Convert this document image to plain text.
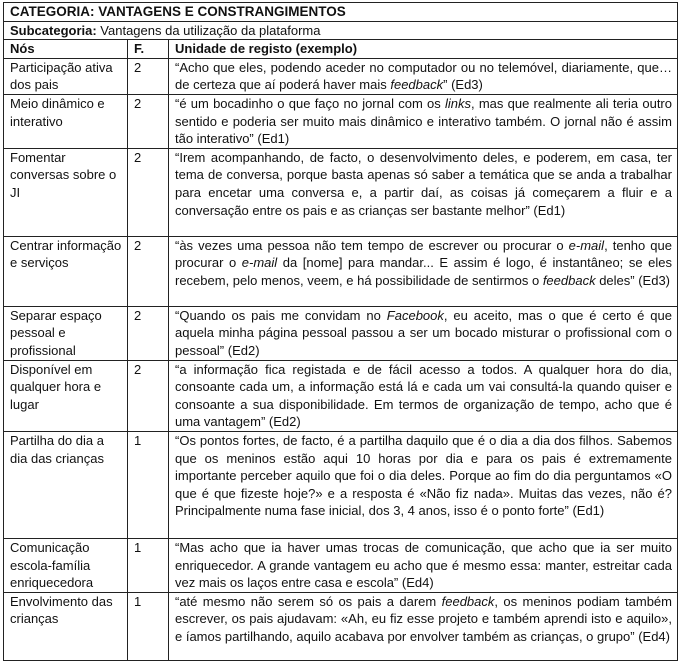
CATEGORIA: VANTAGENS E CONSTRANGIMENTOS		
Subcategoria: Vantagens da utilização da plataforma		
Nós	F.	Unidade de registo (exemplo)
Participação ativa dos pais	2	“Acho que eles, podendo aceder no computador ou no telemóvel, diariamente, que… de certeza que aí poderá haver mais feedback” (Ed3)
Meio dinâmico e interativo	2	“é um bocadinho o que faço no jornal com os links, mas que realmente ali teria outro sentido e poderia ser muito mais dinâmico e interativo também. O jornal não é assim tão interativo” (Ed1)
Fomentar conversas sobre o JI	2	“Irem acompanhando, de facto, o desenvolvimento deles, e poderem, em casa, ter tema de conversa, porque basta apenas só saber a temática que se anda a trabalhar para encetar uma conversa e, a partir daí, as coisas já começarem a fluir e a conversação entre os pais e as crianças ser bastante melhor” (Ed1)
Centrar informação e serviços	2	“às vezes uma pessoa não tem tempo de escrever ou procurar o e-mail, tenho que procurar o e-mail da [nome] para mandar... E assim é logo, é instantâneo; se eles recebem, pelo menos, veem, e há possibilidade de sentirmos o feedback deles” (Ed3)
Separar espaço pessoal e profissional	2	“Quando os pais me convidam no Facebook, eu aceito, mas o que é certo é que aquela minha página pessoal passou a ser um bocado misturar o profissional com o pessoal” (Ed2)
Disponível em qualquer hora e lugar	2	“a informação fica registada e de fácil acesso a todos. A qualquer hora do dia, consoante cada um, a informação está lá e cada um vai consultá-la quando quiser e consoante a sua disponibilidade. Em termos de organização de tempo, acho que é uma vantagem” (Ed2)
Partilha do dia a dia das crianças	1	“Os pontos fortes, de facto, é a partilha daquilo que é o dia a dia dos filhos. Sabemos que os meninos estão aqui 10 horas por dia e para os pais é extremamente importante perceber aquilo que foi o dia deles. Porque ao fim do dia perguntamos «O que é que fizeste hoje?» e a resposta é «Não fiz nada». Muitas das vezes, não é? Principalmente numa fase inicial, dos 3, 4 anos, isso é o ponto forte” (Ed1)
Comunicação escola-família enriquecedora	1	“Mas acho que ia haver umas trocas de comunicação, que acho que ia ser muito enriquecedor. A grande vantagem eu acho que é mesmo essa: manter, estreitar cada vez mais os laços entre casa e escola” (Ed4)
Envolvimento das crianças	1	“até mesmo não serem só os pais a darem feedback, os meninos podiam também escrever, os pais ajudavam: «Ah, eu fiz esse projeto e também aprendi isto e aquilo», e íamos partilhando, aquilo acabava por envolver também as crianças, o grupo” (Ed4)
